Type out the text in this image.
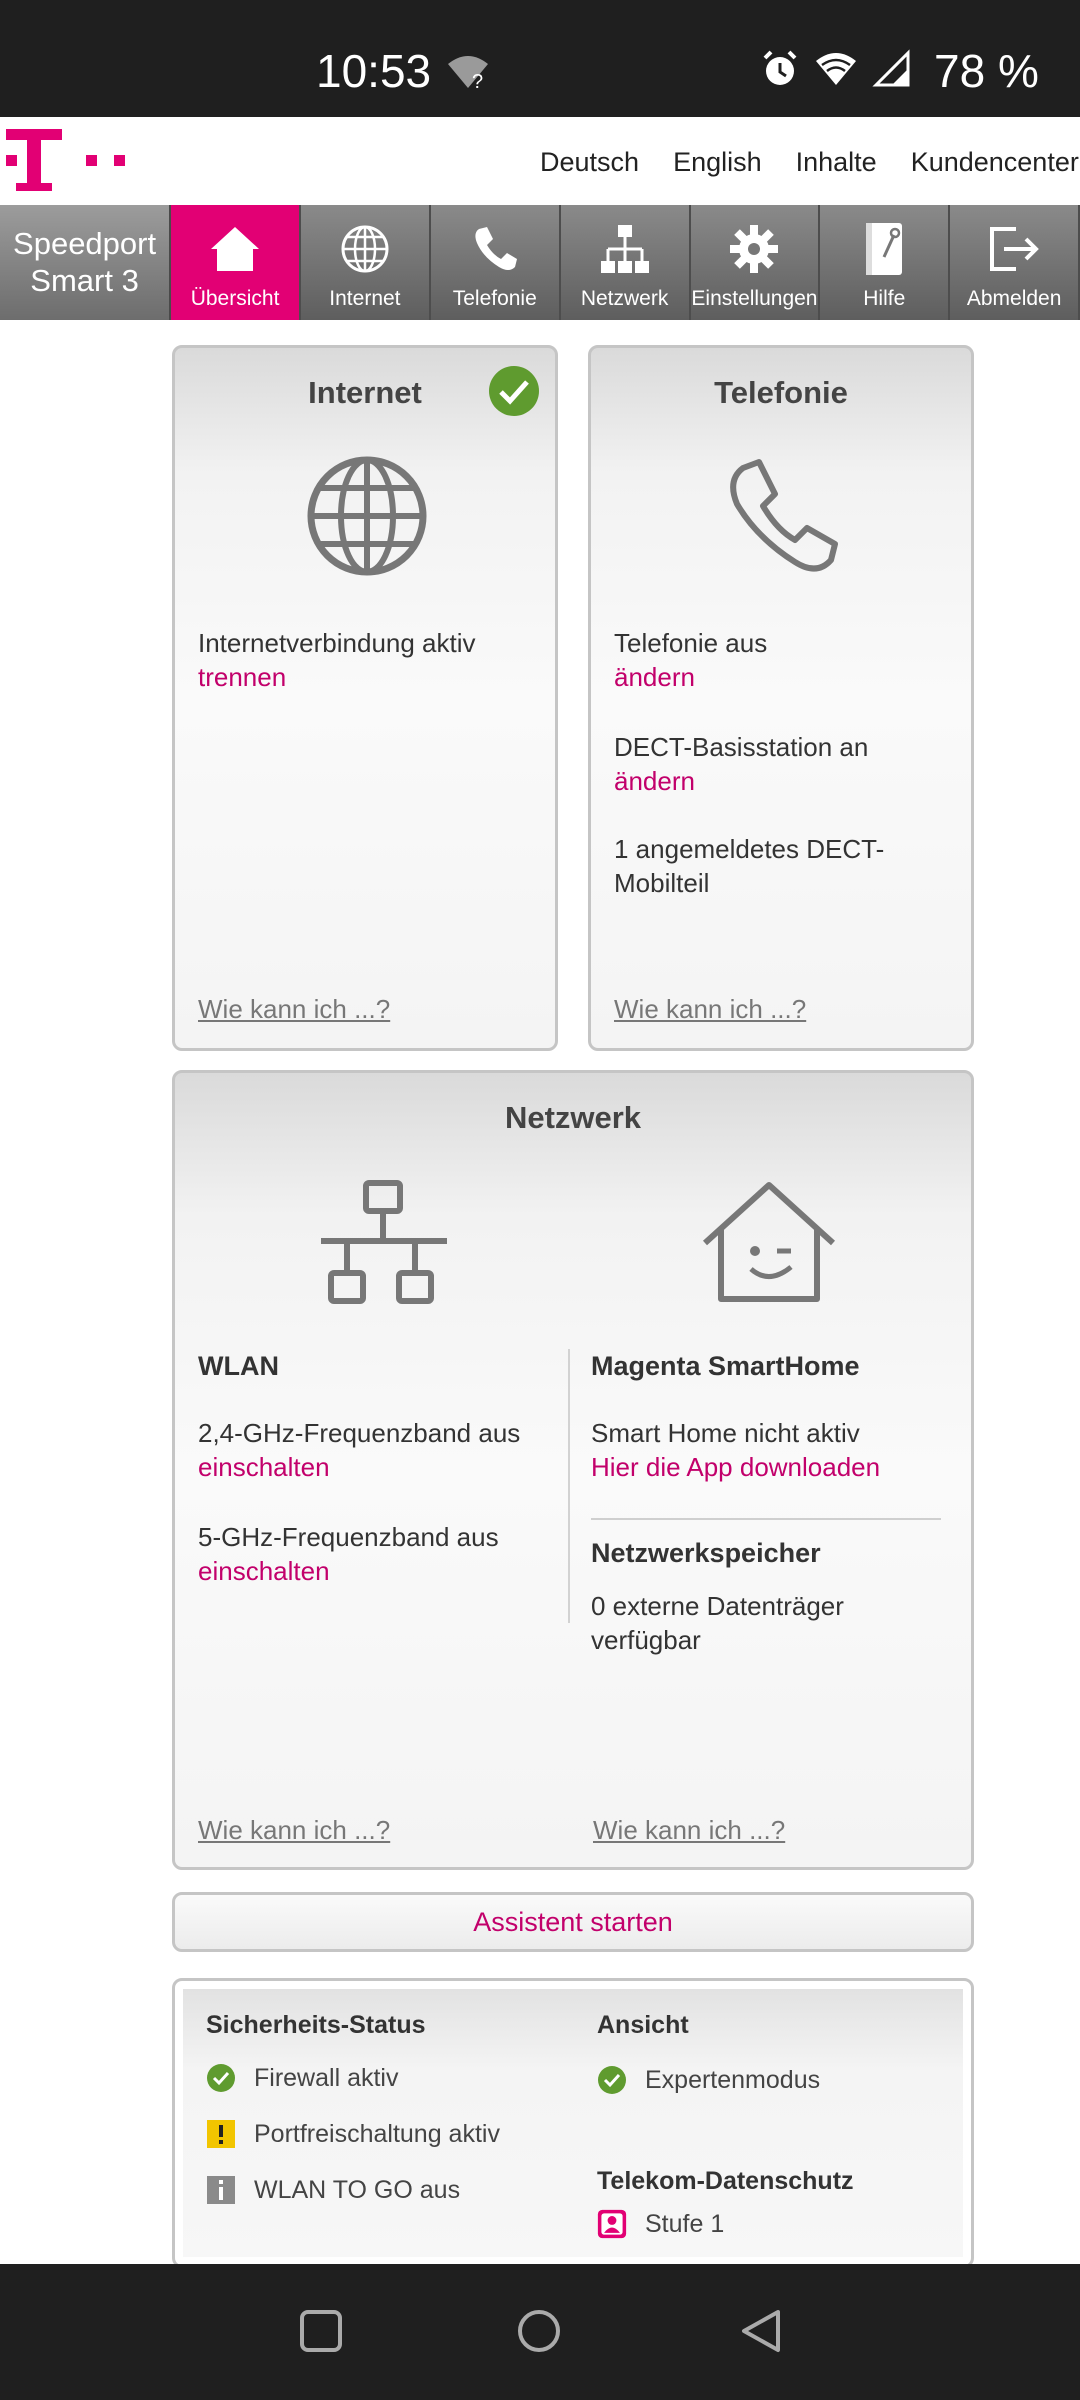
10:53 ?	78 %
Deutsch English Inhalte Kundencenter
Speedport
Smart 3
Übersicht Internet Telefonie Netzwerk Einstellungen Hilfe	Abmelden
Internet
Internetverbindung aktiv
trennen
Wie kann ich ...?
Telefonie
Telefonie aus
ändern
DECT-Basisstation an
ändern
1 angemeldetes DECT-Mobilteil
Wie kann ich ...?
Netzwerk
WLAN
2,4-GHz-Frequenzband aus
einschalten
5-GHz-Frequenzband aus
einschalten
Magenta SmartHome
Smart Home nicht aktiv
Hier die App downloaden
Netzwerkspeicher
0 externe Datenträger verfügbar
Wie kann ich ...?	Wie kann ich ...?
Assistent starten
Sicherheits-Status
Firewall aktiv
Portfreischaltung aktiv
WLAN TO GO aus
Ansicht
Expertenmodus
Telekom-Datenschutz
Stufe 1
